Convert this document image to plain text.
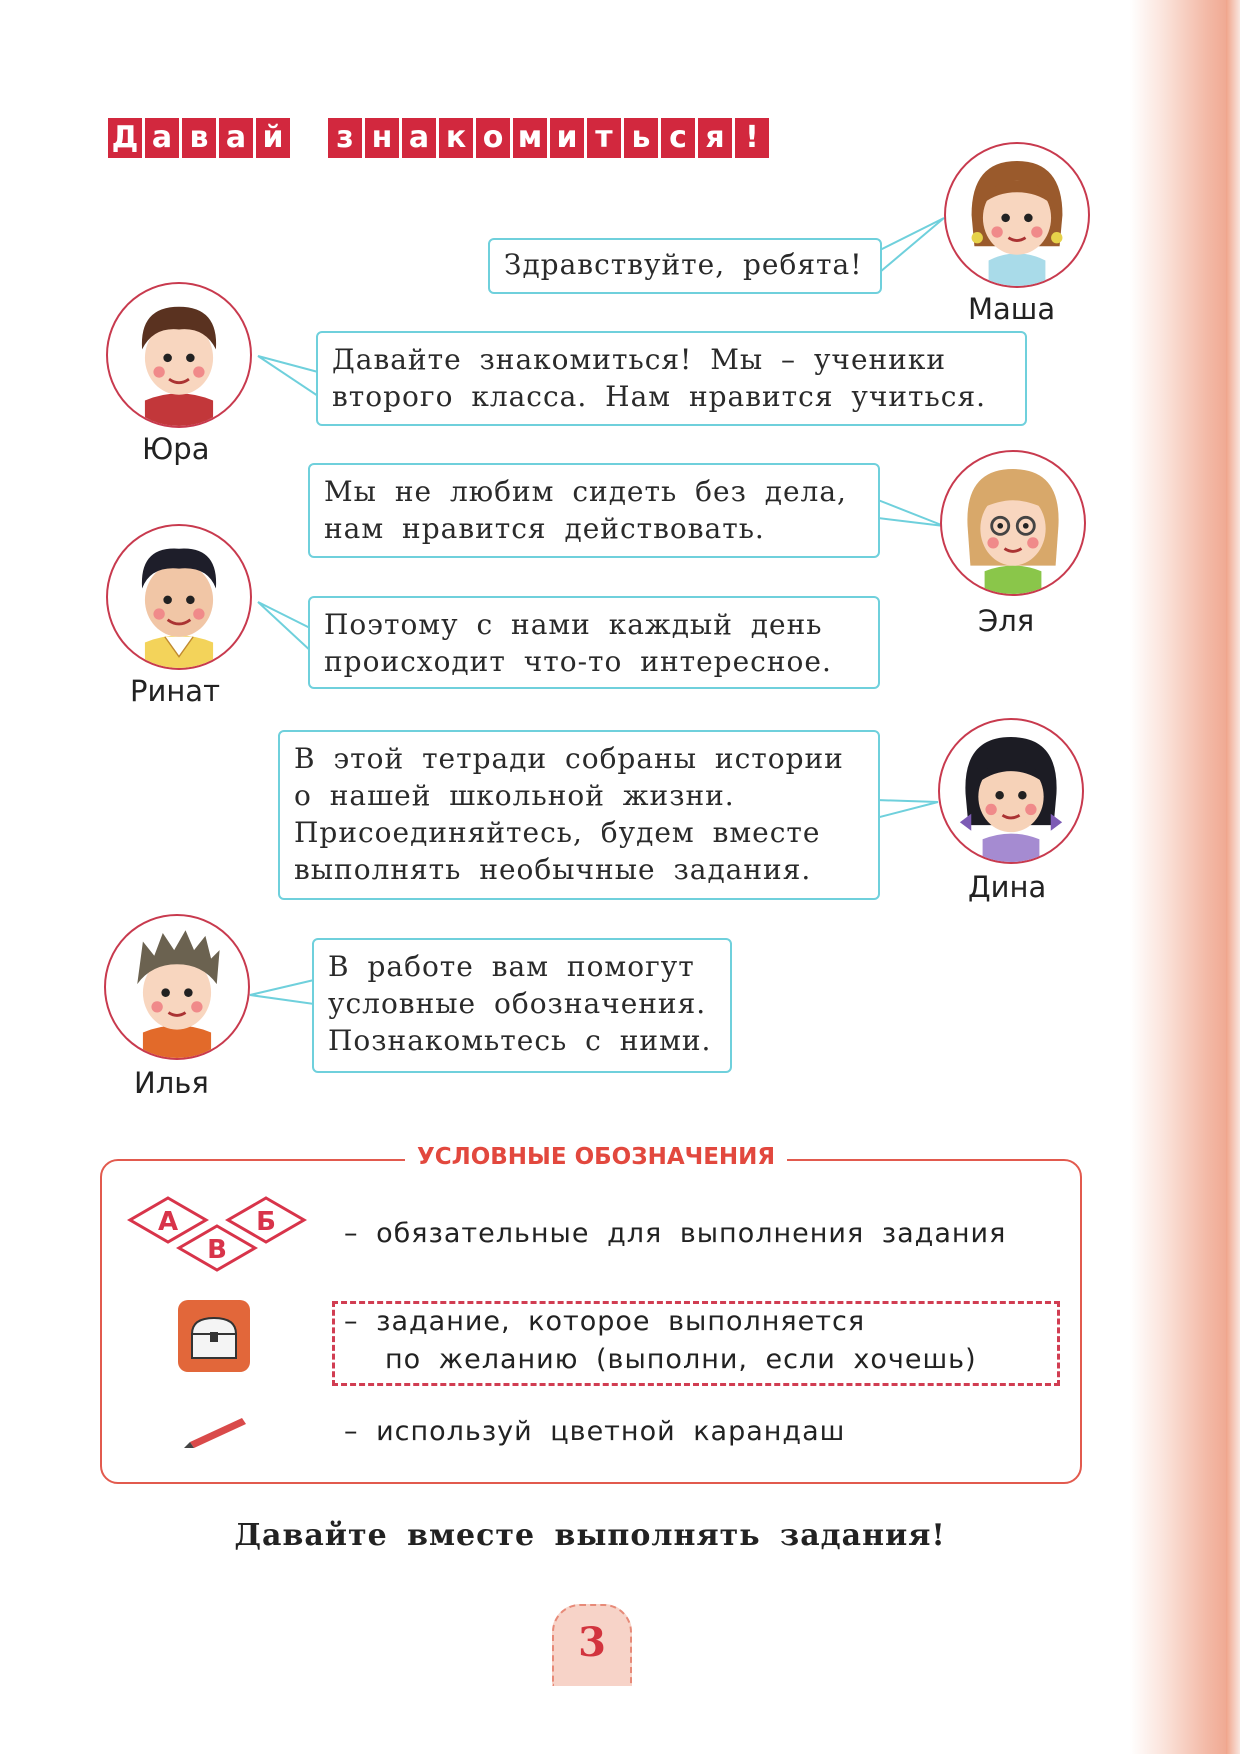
Д а в а й з н а к о м и т ь с я !
Здравствуйте, ребята!
Давайте знакомиться! Мы – ученики
второго класса. Нам нравится учиться.
Мы не любим сидеть без дела,
нам нравится действовать.
Поэтому с нами каждый день
происходит что-то интересное.
В этой тетради собраны истории
о нашей школьной жизни.
Присоединяйтесь, будем вместе
выполнять необычные задания.
В работе вам помогут
условные обозначения.
Познакомьтесь с ними.
Маша
Юра
Эля
Ринат
Дина
Илья
УСЛОВНЫЕ ОБОЗНАЧЕНИЯ
А	Б
В
– обязательные для выполнения задания
– задание, которое выполняется
по желанию (выполни, если хочешь)
– используй цветной карандаш
Давайте вместе выполнять задания!
3
